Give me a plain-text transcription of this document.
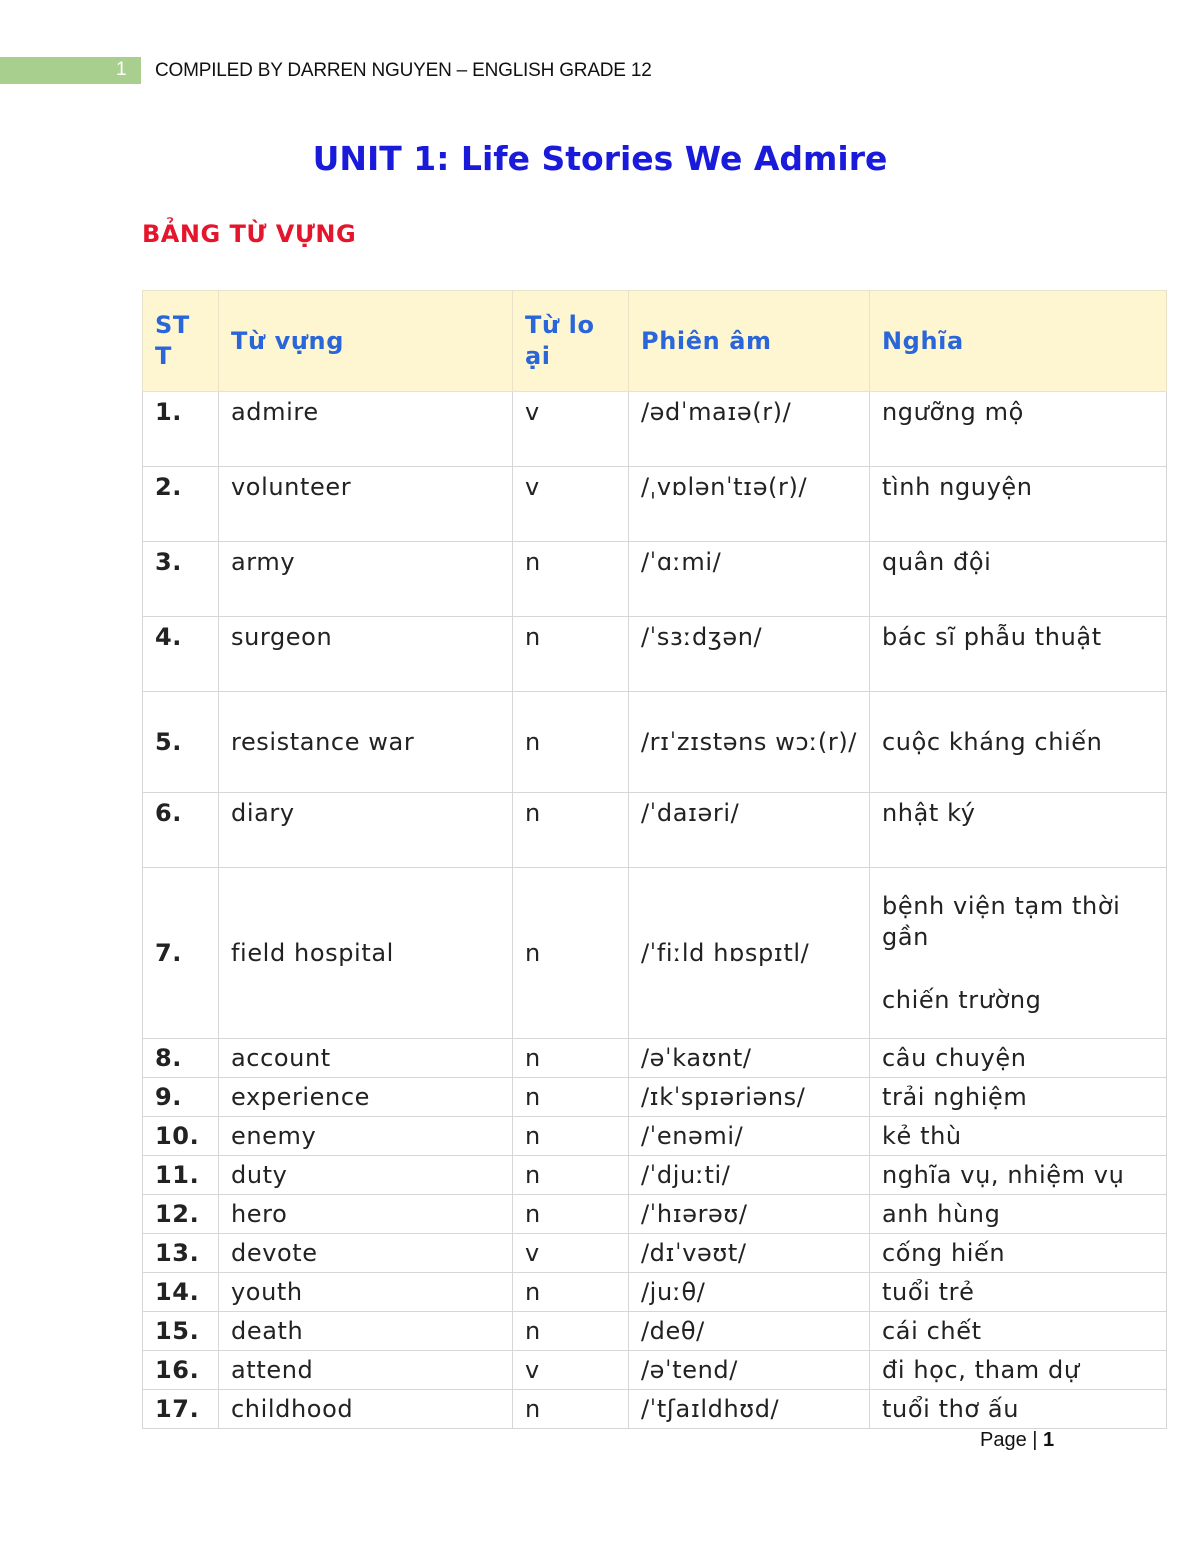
1 COMPILED BY DARREN NGUYEN – ENGLISH GRADE 12
UNIT 1: Life Stories We Admire
BẢNG TỪ VỰNG
ST T	Từ vựng	Từ lo ại	Phiên âm	Nghĩa
1.	admire	v	/ədˈmaɪə(r)/	ngưỡng mộ
2.	volunteer	v	/ˌvɒlənˈtɪə(r)/	tình nguyện
3.	army	n	/ˈɑːmi/	quân đội
4.	surgeon	n	/ˈsɜːdʒən/	bác sĩ phẫu thuật
5.	resistance war	n	/rɪˈzɪstəns wɔː(r)/	cuộc kháng chiến
6.	diary	n	/ˈdaɪəri/	nhật ký
7.	field hospital	n	/ˈfiːld hɒspɪtl/	bệnh viện tạm thời gần
chiến trường

8.	account	n	/əˈkaʊnt/	câu chuyện
9.	experience	n	/ɪkˈspɪəriəns/	trải nghiệm
10.	enemy	n	/ˈenəmi/	kẻ thù
11.	duty	n	/ˈdjuːti/	nghĩa vụ, nhiệm vụ
12.	hero	n	/ˈhɪərəʊ/	anh hùng
13.	devote	v	/dɪˈvəʊt/	cống hiến
14.	youth	n	/juːθ/	tuổi trẻ
15.	death	n	/deθ/	cái chết
16.	attend	v	/əˈtend/	đi học, tham dự
17.	childhood	n	/ˈtʃaɪldhʊd/	tuổi thơ ấu
Page | 1
